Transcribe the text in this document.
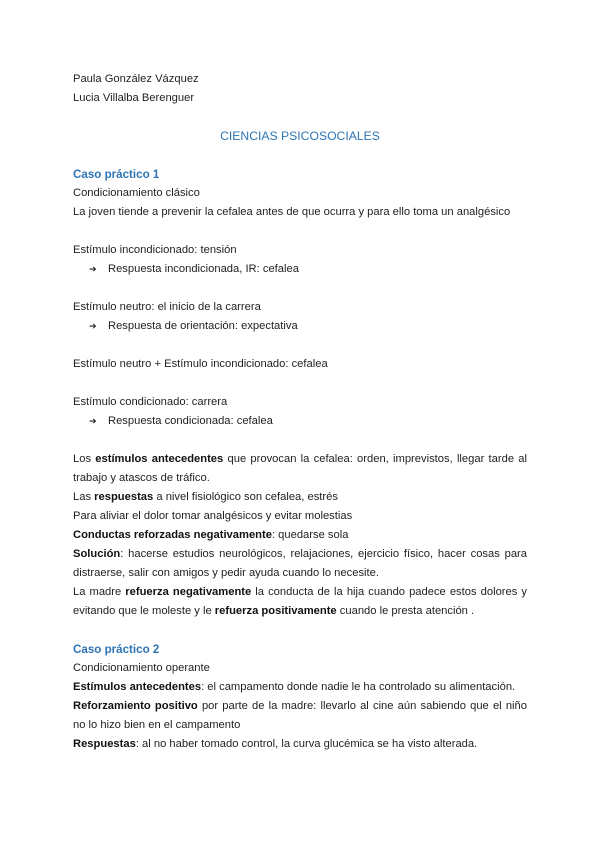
Paula González Vázquez
Lucia Villalba Berenguer
CIENCIAS PSICOSOCIALES
Caso práctico 1
Condicionamiento clásico
La joven tiende a prevenir la cefalea antes de que ocurra y para ello toma un analgésico
Estímulo incondicionado: tensión
➔ Respuesta incondicionada, IR: cefalea
Estímulo neutro: el inicio de la carrera
➔ Respuesta de orientación: expectativa
Estímulo neutro + Estímulo incondicionado: cefalea
Estímulo condicionado: carrera
➔ Respuesta condicionada: cefalea

Los estímulos antecedentes que provocan la cefalea: orden, imprevistos, llegar tarde al trabajo y atascos de tráfico.

Las respuestas a nivel fisiológico son cefalea, estrés

Para aliviar el dolor tomar analgésicos y evitar molestias

Conductas reforzadas negativamente: quedarse sola

Solución: hacerse estudios neurológicos, relajaciones, ejercicio físico, hacer cosas para distraerse, salir con amigos y pedir ayuda cuando lo necesite.

La madre refuerza negativamente la conducta de la hija cuando padece estos dolores y evitando que le moleste y le refuerza positivamente cuando le presta atención .

Caso práctico 2
Condicionamiento operante

Estímulos antecedentes: el campamento donde nadie le ha controlado su alimentación.

Reforzamiento positivo por parte de la madre: llevarlo al cine aún sabiendo que el niño no lo hizo bien en el campamento

Respuestas: al no haber tomado control, la curva glucémica se ha visto alterada.
